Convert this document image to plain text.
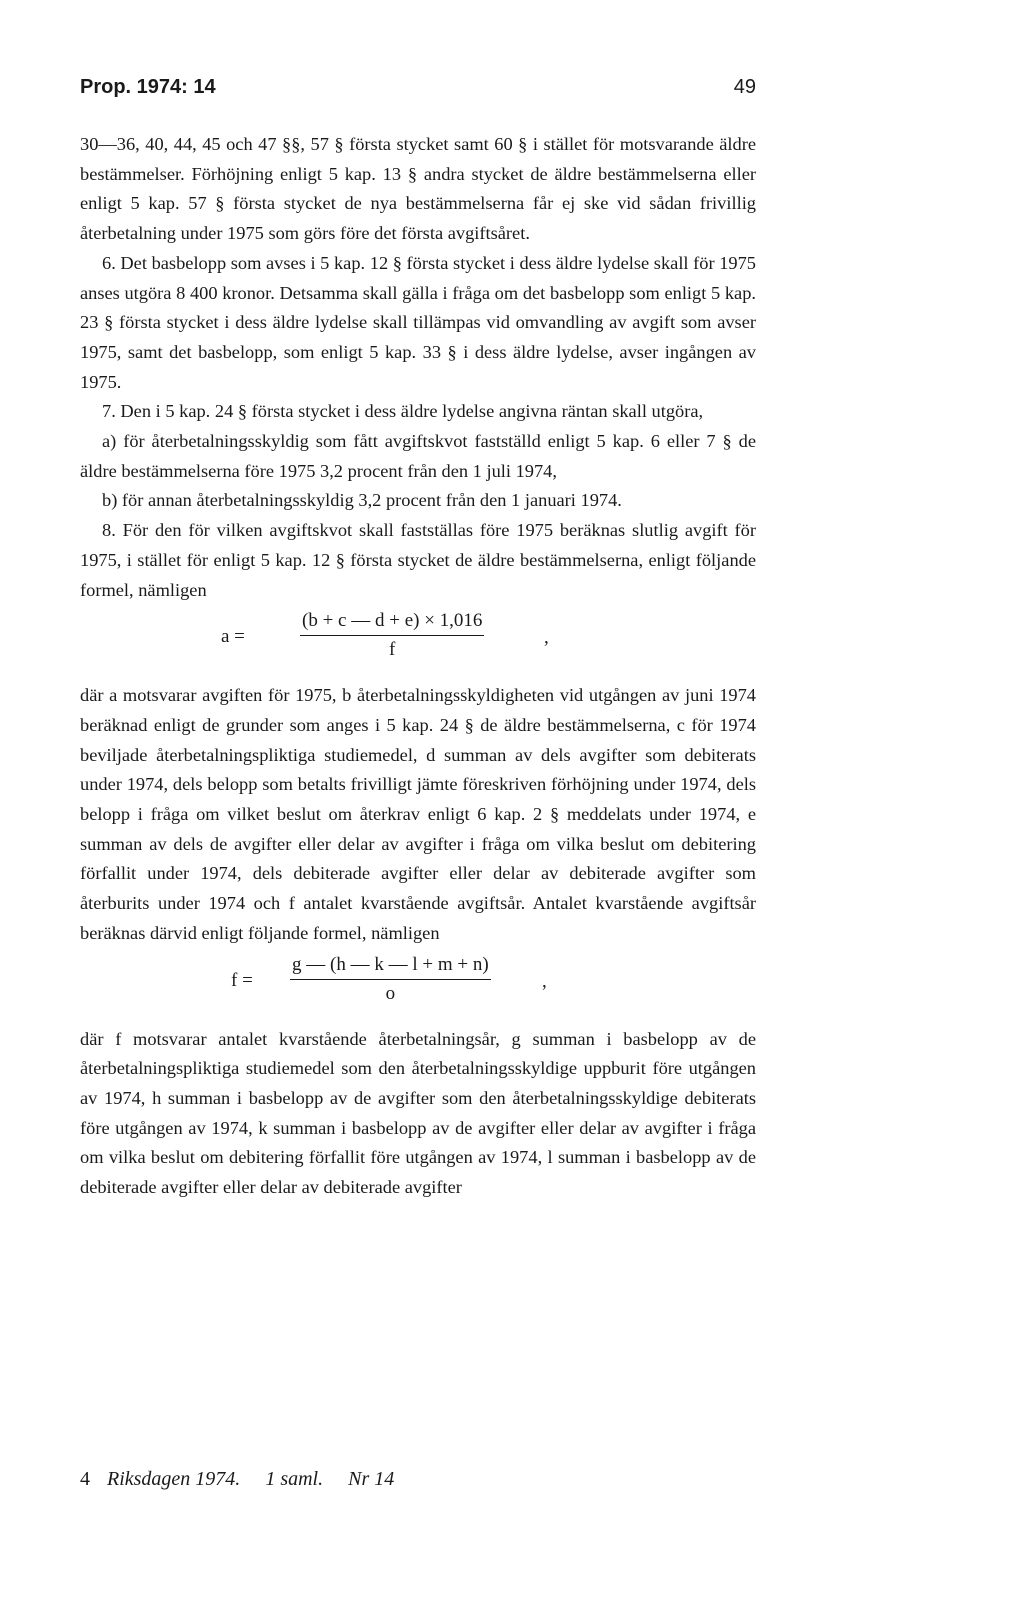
Prop. 1974: 14	49

30—36, 40, 44, 45 och 47 §§, 57 § första stycket samt 60 § i stället för motsvarande äldre bestämmelser. Förhöjning enligt 5 kap. 13 § andra stycket de äldre bestämmelserna eller enligt 5 kap. 57 § första stycket de nya bestämmelserna får ej ske vid sådan frivillig återbetalning under 1975 som görs före det första avgiftsåret.

6. Det basbelopp som avses i 5 kap. 12 § första stycket i dess äldre lydelse skall för 1975 anses utgöra 8 400 kronor. Detsamma skall gälla i fråga om det basbelopp som enligt 5 kap. 23 § första stycket i dess äldre lydelse skall tillämpas vid omvandling av avgift som avser 1975, samt det basbelopp, som enligt 5 kap. 33 § i dess äldre lydelse, avser ingången av 1975.

7. Den i 5 kap. 24 § första stycket i dess äldre lydelse angivna räntan skall utgöra,

a) för återbetalningsskyldig som fått avgiftskvot fastställd enligt 5 kap. 6 eller 7 § de äldre bestämmelserna före 1975 3,2 procent från den 1 juli 1974,

b) för annan återbetalningsskyldig 3,2 procent från den 1 januari 1974.

8. För den för vilken avgiftskvot skall fastställas före 1975 beräknas slutlig avgift för 1975, i stället för enligt 5 kap. 12 § första stycket de äldre bestämmelserna, enligt följande formel, nämligen

a =
(b + c — d + e) × 1,016
f
,

där a motsvarar avgiften för 1975, b återbetalningsskyldigheten vid utgången av juni 1974 beräknad enligt de grunder som anges i 5 kap. 24 § de äldre bestämmelserna, c för 1974 beviljade återbetalningspliktiga studiemedel, d summan av dels avgifter som debiterats under 1974, dels belopp som betalts frivilligt jämte föreskriven förhöjning under 1974, dels belopp i fråga om vilket beslut om återkrav enligt 6 kap. 2 § meddelats under 1974, e summan av dels de avgifter eller delar av avgifter i fråga om vilka beslut om debitering förfallit under 1974, dels debiterade avgifter eller delar av debiterade avgifter som återburits under 1974 och f antalet kvarstående avgiftsår. Antalet kvarstående avgiftsår beräknas därvid enligt följande formel, nämligen

f =
g — (h — k — l + m + n)
o
,

där f motsvarar antalet kvarstående återbetalningsår, g summan i basbelopp av de återbetalningspliktiga studiemedel som den återbetalningsskyldige uppburit före utgången av 1974, h summan i basbelopp av de avgifter som den återbetalningsskyldige debiterats före utgången av 1974, k summan i basbelopp av de avgifter eller delar av avgifter i fråga om vilka beslut om debitering förfallit före utgången av 1974, l summan i basbelopp av de debiterade avgifter eller delar av debiterade avgifter

4 Riksdagen 1974. 1 saml. Nr 14
